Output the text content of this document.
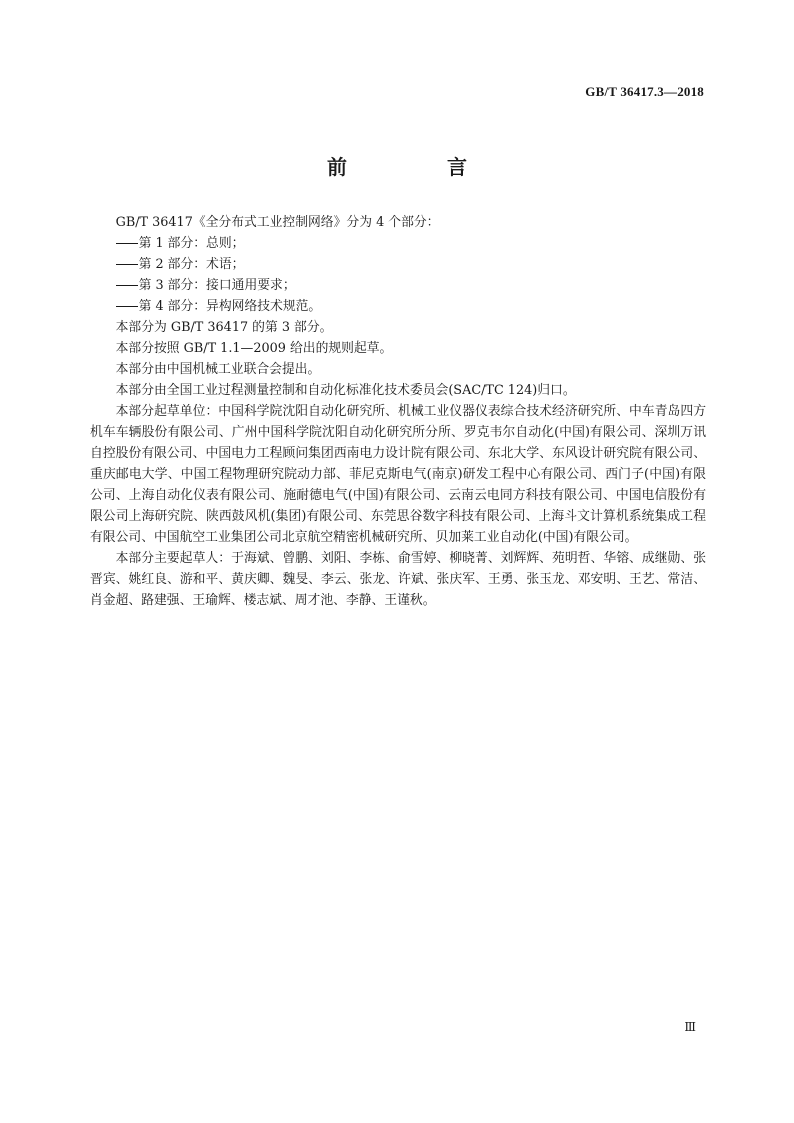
GB/T 36417.3—2018
前　言

GB/T 36417《全分布式工业控制网络》分为 4 个部分：

第 1 部分：总则；

第 2 部分：术语；

第 3 部分：接口通用要求；

第 4 部分：异构网络技术规范。

本部分为 GB/T 36417 的第 3 部分。

本部分按照 GB/T 1.1—2009 给出的规则起草。

本部分由中国机械工业联合会提出。

本部分由全国工业过程测量控制和自动化标准化技术委员会(SAC/TC 124)归口。

本部分起草单位：中国科学院沈阳自动化研究所、机械工业仪器仪表综合技术经济研究所、中车青岛四方机车车辆股份有限公司、广州中国科学院沈阳自动化研究所分所、罗克韦尔自动化(中国)有限公司、深圳万讯自控股份有限公司、中国电力工程顾问集团西南电力设计院有限公司、东北大学、东风设计研究院有限公司、重庆邮电大学、中国工程物理研究院动力部、菲尼克斯电气(南京)研发工程中心有限公司、西门子(中国)有限公司、上海自动化仪表有限公司、施耐德电气(中国)有限公司、云南云电同方科技有限公司、中国电信股份有限公司上海研究院、陕西鼓风机(集团)有限公司、东莞思谷数字科技有限公司、上海斗文计算机系统集成工程有限公司、中国航空工业集团公司北京航空精密机械研究所、贝加莱工业自动化(中国)有限公司。

本部分主要起草人：于海斌、曾鹏、刘阳、李栋、俞雪婷、柳晓菁、刘辉辉、苑明哲、华镕、成继勋、张晋宾、姚红良、游和平、黄庆卿、魏旻、李云、张龙、许斌、张庆军、王勇、张玉龙、邓安明、王艺、常洁、肖金超、路建强、王瑜辉、楼志斌、周才池、李静、王谨秋。

Ⅲ
